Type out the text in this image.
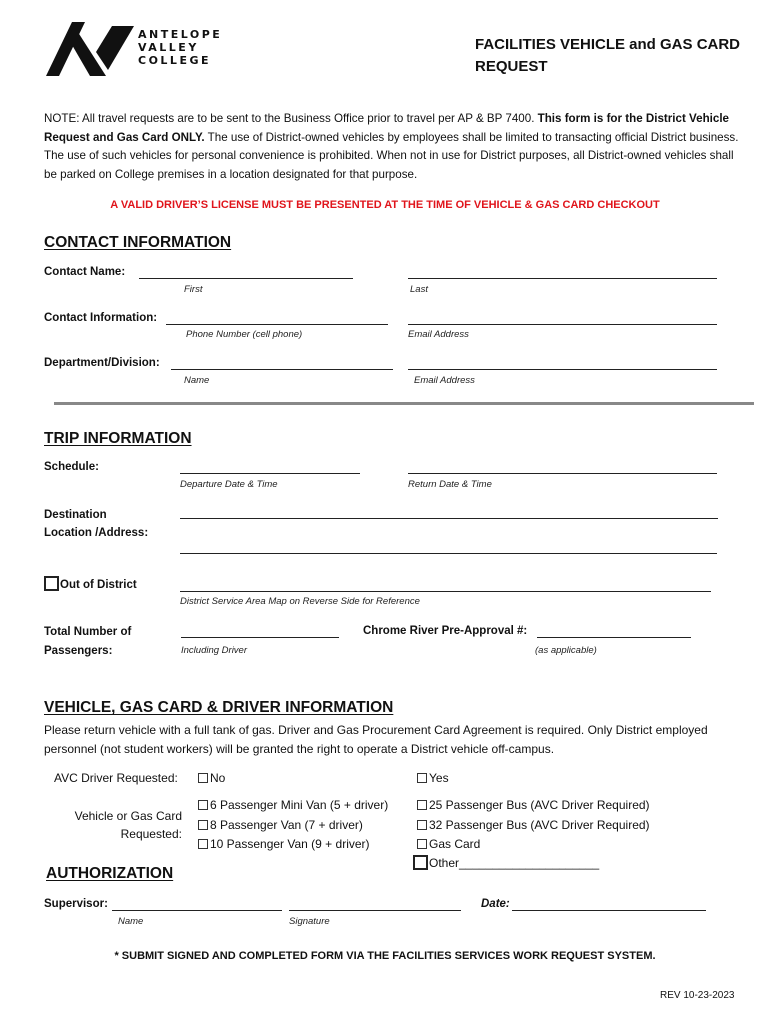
ANTELOPE
VALLEY
COLLEGE
FACILITIES VEHICLE and GAS CARD
REQUEST
NOTE: All travel requests are to be sent to the Business Office prior to travel per AP & BP 7400. This form is for the District Vehicle Request and Gas Card ONLY. The use of District-owned vehicles by employees shall be limited to transacting official District business. The use of such vehicles for personal convenience is prohibited. When not in use for District purposes, all District-owned vehicles shall be parked on College premises in a location designated for that purpose.
A VALID DRIVER’S LICENSE MUST BE PRESENTED AT THE TIME OF VEHICLE & GAS CARD CHECKOUT
CONTACT INFORMATION
Contact Name:
First	Last
Contact Information:
Phone Number (cell phone)	Email Address
Department/Division:
Name	Email Address
TRIP INFORMATION
Schedule:
Departure Date & Time	Return Date & Time
Destination
Location /Address:
Out of District
District Service Area Map on Reverse Side for Reference
Total Number of
Passengers:	Including Driver
Chrome River Pre-Approval #:
(as applicable)
VEHICLE, GAS CARD & DRIVER INFORMATION
Please return vehicle with a full tank of gas. Driver and Gas Procurement Card Agreement is required. Only District employed personnel (not student workers) will be granted the right to operate a District vehicle off-campus.
AVC Driver Requested:	No	Yes
Vehicle or Gas Card
Requested:
6 Passenger Mini Van (5 + driver)
8 Passenger Van (7 + driver)
10 Passenger Van (9 + driver)
25 Passenger Bus (AVC Driver Required)
32 Passenger Bus (AVC Driver Required)
Gas Card
Other_____________________
AUTHORIZATION
Supervisor:
Name	Signature
Date:
* SUBMIT SIGNED AND COMPLETED FORM VIA THE FACILITIES SERVICES WORK REQUEST SYSTEM.
REV 10-23-2023
